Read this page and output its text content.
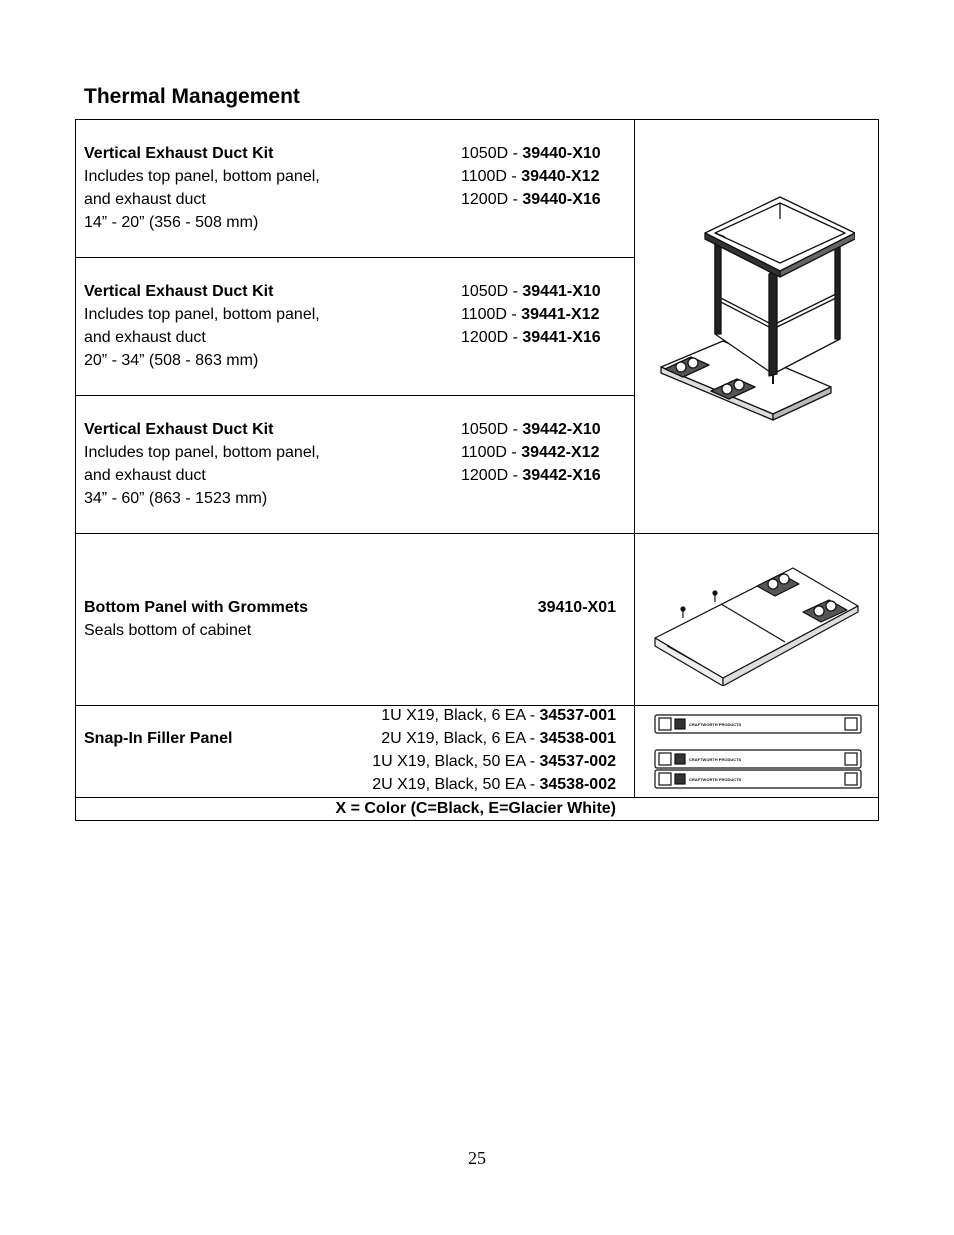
Thermal Management
Vertical Exhaust Duct Kit
Includes top panel, bottom panel,
and exhaust duct
14” - 20” (356 - 508 mm)
1050D - 39440-X10
1100D - 39440-X12
1200D - 39440-X16
Vertical Exhaust Duct Kit
Includes top panel, bottom panel,
and exhaust duct
20” - 34” (508 - 863 mm)
1050D - 39441-X10
1100D - 39441-X12
1200D - 39441-X16
Vertical Exhaust Duct Kit
Includes top panel, bottom panel,
and exhaust duct
34” - 60” (863 - 1523 mm)
1050D - 39442-X10
1100D - 39442-X12
1200D - 39442-X16
Bottom Panel with Grommets
Seals bottom of cabinet
39410-X01
Snap-In Filler Panel
1U X19, Black, 6 EA - 34537-001
2U X19, Black, 6 EA - 34538-001
1U X19, Black, 50 EA - 34537-002
2U X19, Black, 50 EA - 34538-002
X = Color (C=Black, E=Glacier White)
CRAFTWORTH PRODUCTS
CRAFTWORTH PRODUCTS
CRAFTWORTH PRODUCTS
25
